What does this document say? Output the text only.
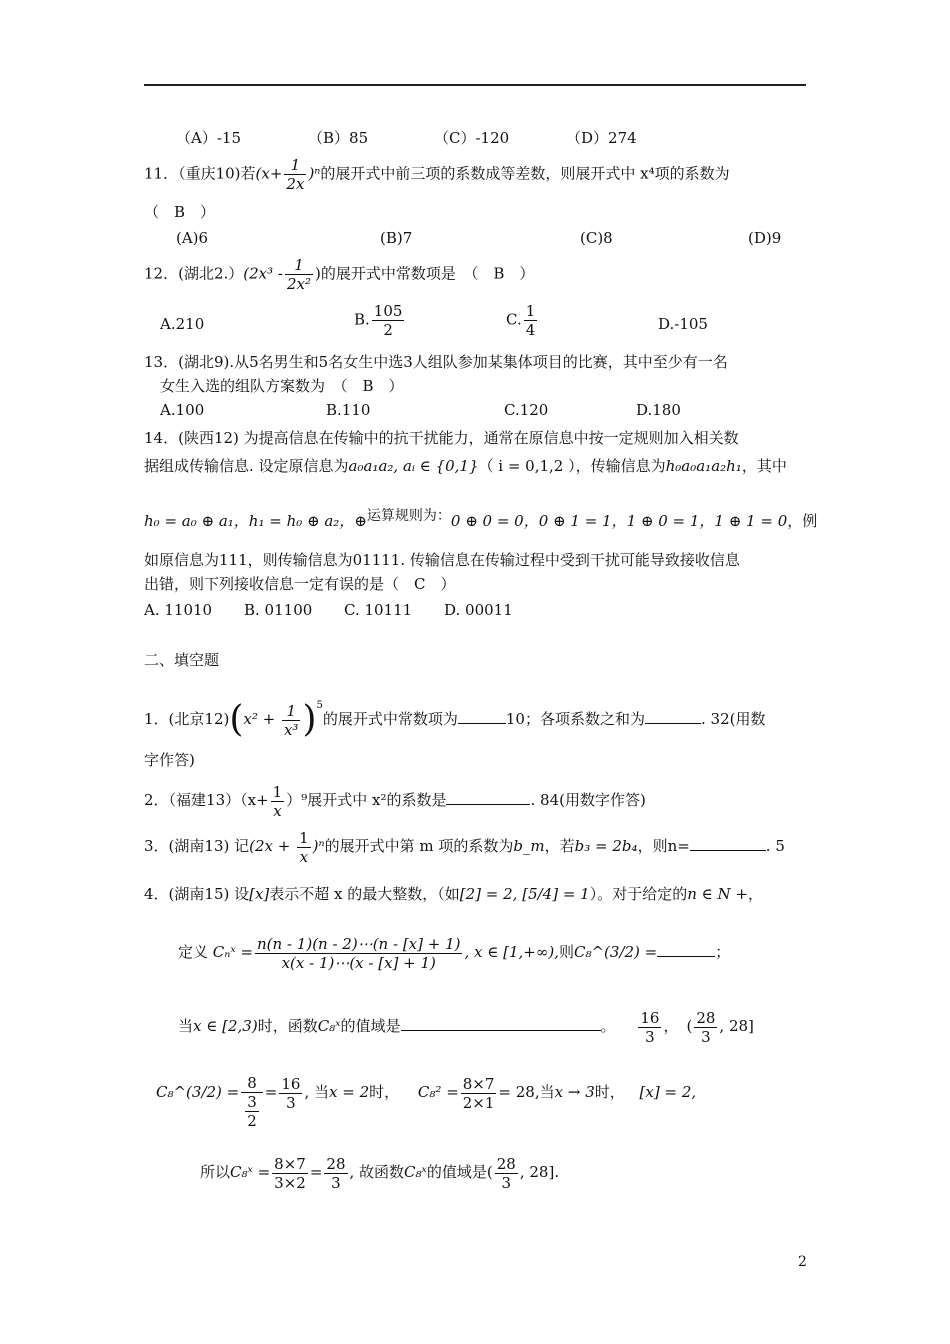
（A）-15	（B）85	（C）-120	（D）274
11．（重庆10)若$(x+ \frac{1}{2x} )^n$的展开式中前三项的系数成等差数，则展开式中 x⁴项的系数为
（　B　）
(A)6	(B)7	(C)8	(D)9
12．(湖北$2.)(2x^3 - \frac{1}{\text{2x²}}$ )的展开式中常数项是　（　B　）
A.210	B. $\frac{105}{2}$	C. $\frac{1}{4}$	D.-105
13．(湖北9).从5名男生和5名女生中选3人组队参加某集体项目的比赛，其中至少有一名
女生入选的组队方案数为　（　B　）
A.100	B.110	C.120	D.180
14．(陕西12) 为提高信息在传输中的抗干扰能力，通常在原信息中按一定规则加入相关数
据组成传输信息. 设定原信息为a₀a₁a₂, aᵢ ∈ {0,1}（ i = 0,1,2 ），传输信息为h₀a₀a₁a₂h₁，其中
h₀ = a₀ ⊕ a₁，h₁ = h₀ ⊕ a₂，⊕运算规则为：0 ⊕ 0 = 0，0 ⊕ 1 = 1，1 ⊕ 0 = 1，1 ⊕ 1 = 0，例
如原信息为111，则传输信息为01111. 传输信息在传输过程中受到干扰可能导致接收信息
出错，则下列接收信息一定有误的是（　C　）
A. 11010 B. 01100 C. 10111 D. 00011
二、填空题
1．(北京$12)(x^2 + \frac{1}{\text{x³}} )^5$的展开式中常数项为	10；各项系数之和为	. 32(用数
字作答)
2．（福建$13)(x+ \frac{1}{x} )^9$展开式中 x²的系数是	. 84(用数字作答)
3．(湖南13) 记$(2x + \frac{1}{x} )^n$的展开式中第 m 项的系数为b_m，若b₃ = 2b₄，则n=	. 5
4．(湖南15) 设[x]表示不超 x 的最大整数，（如[2] = 2, [5/4] = 1）。对于给定的n ∈ N +，
定义 Cₙˣ = $\frac{n(n - 1)(n - 2)\cdots(n - [x] + 1)}{x(x - 1)\cdots(x - [x] + 1)}$ , x ∈ [1,+∞),则C₈^(3/2) =	；
当x ∈ [2,3)时，函数C₈ˣ的值域是	。 $\frac{16}{3}$ ， ( $\frac{28}{3}$ , 28]
C₈^(3/2) = $\frac{8}{\frac{3}{2}} = \frac{16}{3}$ , 当x = 2时， $C_8^2 = \frac{8\times 7}{2\times 1} = 28$,当x → 3时， [x] = 2,
所以C₈ˣ = $\frac{8\times 7}{3\times 2} = \frac{28}{3}$ , 故函数C₈ˣ的值域是( $\frac{28}{3}$ , 28].
2
